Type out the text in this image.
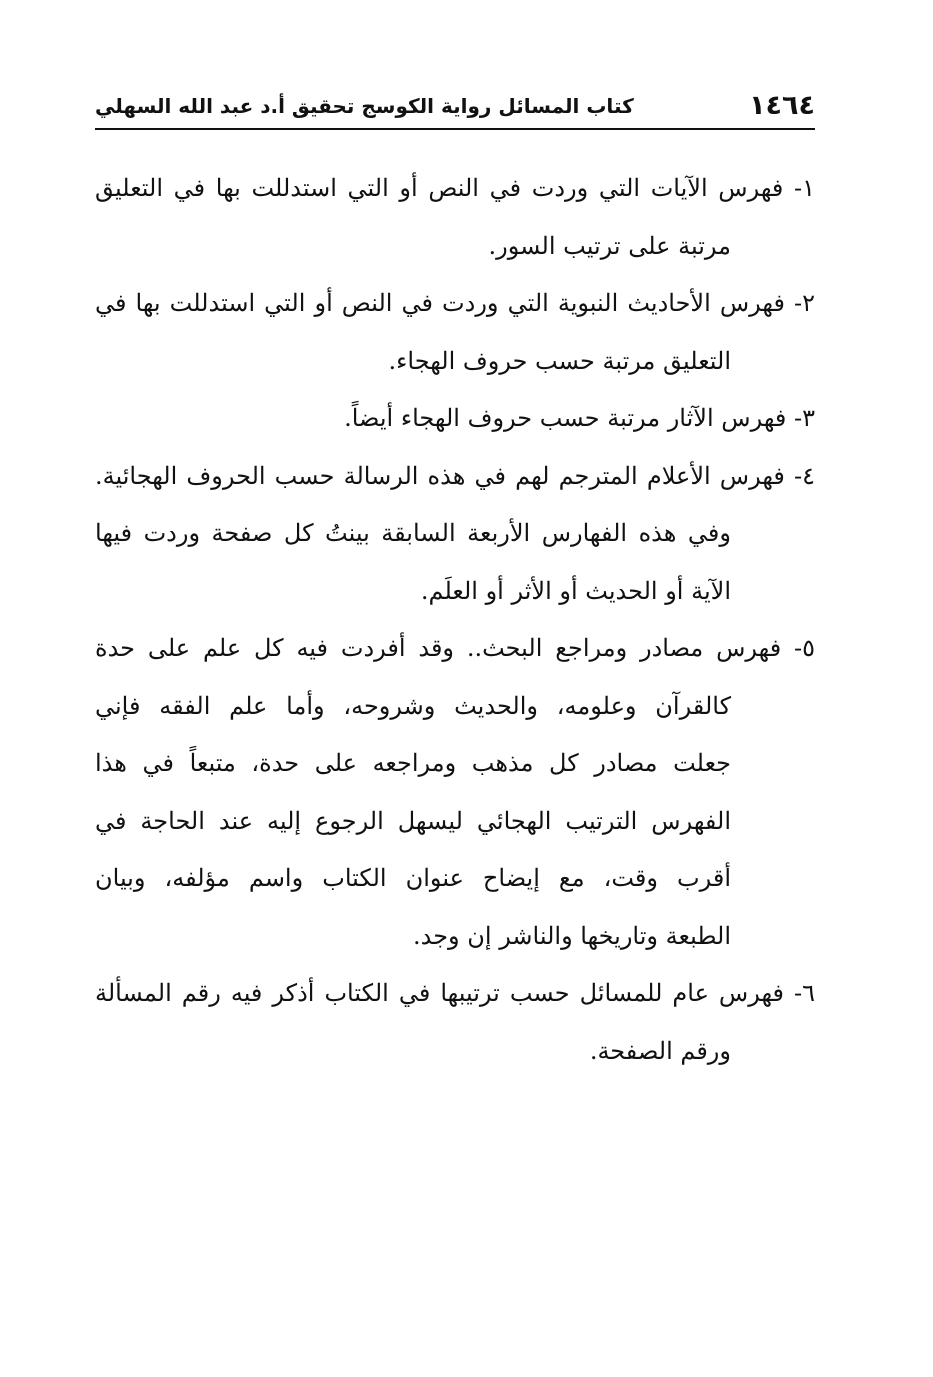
١٤٦٤
كتاب المسائل رواية الكوسج تحقيق أ.د عبد الله السهلي
١- فهرس الآيات التي وردت في النص أو التي استدللت بها في التعليق
مرتبة على ترتيب السور.
٢- فهرس الأحاديث النبوية التي وردت في النص أو التي استدللت بها في
التعليق مرتبة حسب حروف الهجاء.
٣- فهرس الآثار مرتبة حسب حروف الهجاء أيضاً.
٤- فهرس الأعلام المترجم لهم في هذه الرسالة حسب الحروف الهجائية.
وفي هذه الفهارس الأربعة السابقة بينتُ كل صفحة وردت فيها
الآية أو الحديث أو الأثر أو العلَم.
٥- فهرس مصادر ومراجع البحث.. وقد أفردت فيه كل علم على حدة
كالقرآن وعلومه، والحديث وشروحه، وأما علم الفقه فإني
جعلت مصادر كل مذهب ومراجعه على حدة، متبعاً في هذا
الفهرس الترتيب الهجائي ليسهل الرجوع إليه عند الحاجة في
أقرب وقت، مع إيضاح عنوان الكتاب واسم مؤلفه، وبيان
الطبعة وتاريخها والناشر إن وجد.
٦- فهرس عام للمسائل حسب ترتيبها في الكتاب أذكر فيه رقم المسألة
ورقم الصفحة.
